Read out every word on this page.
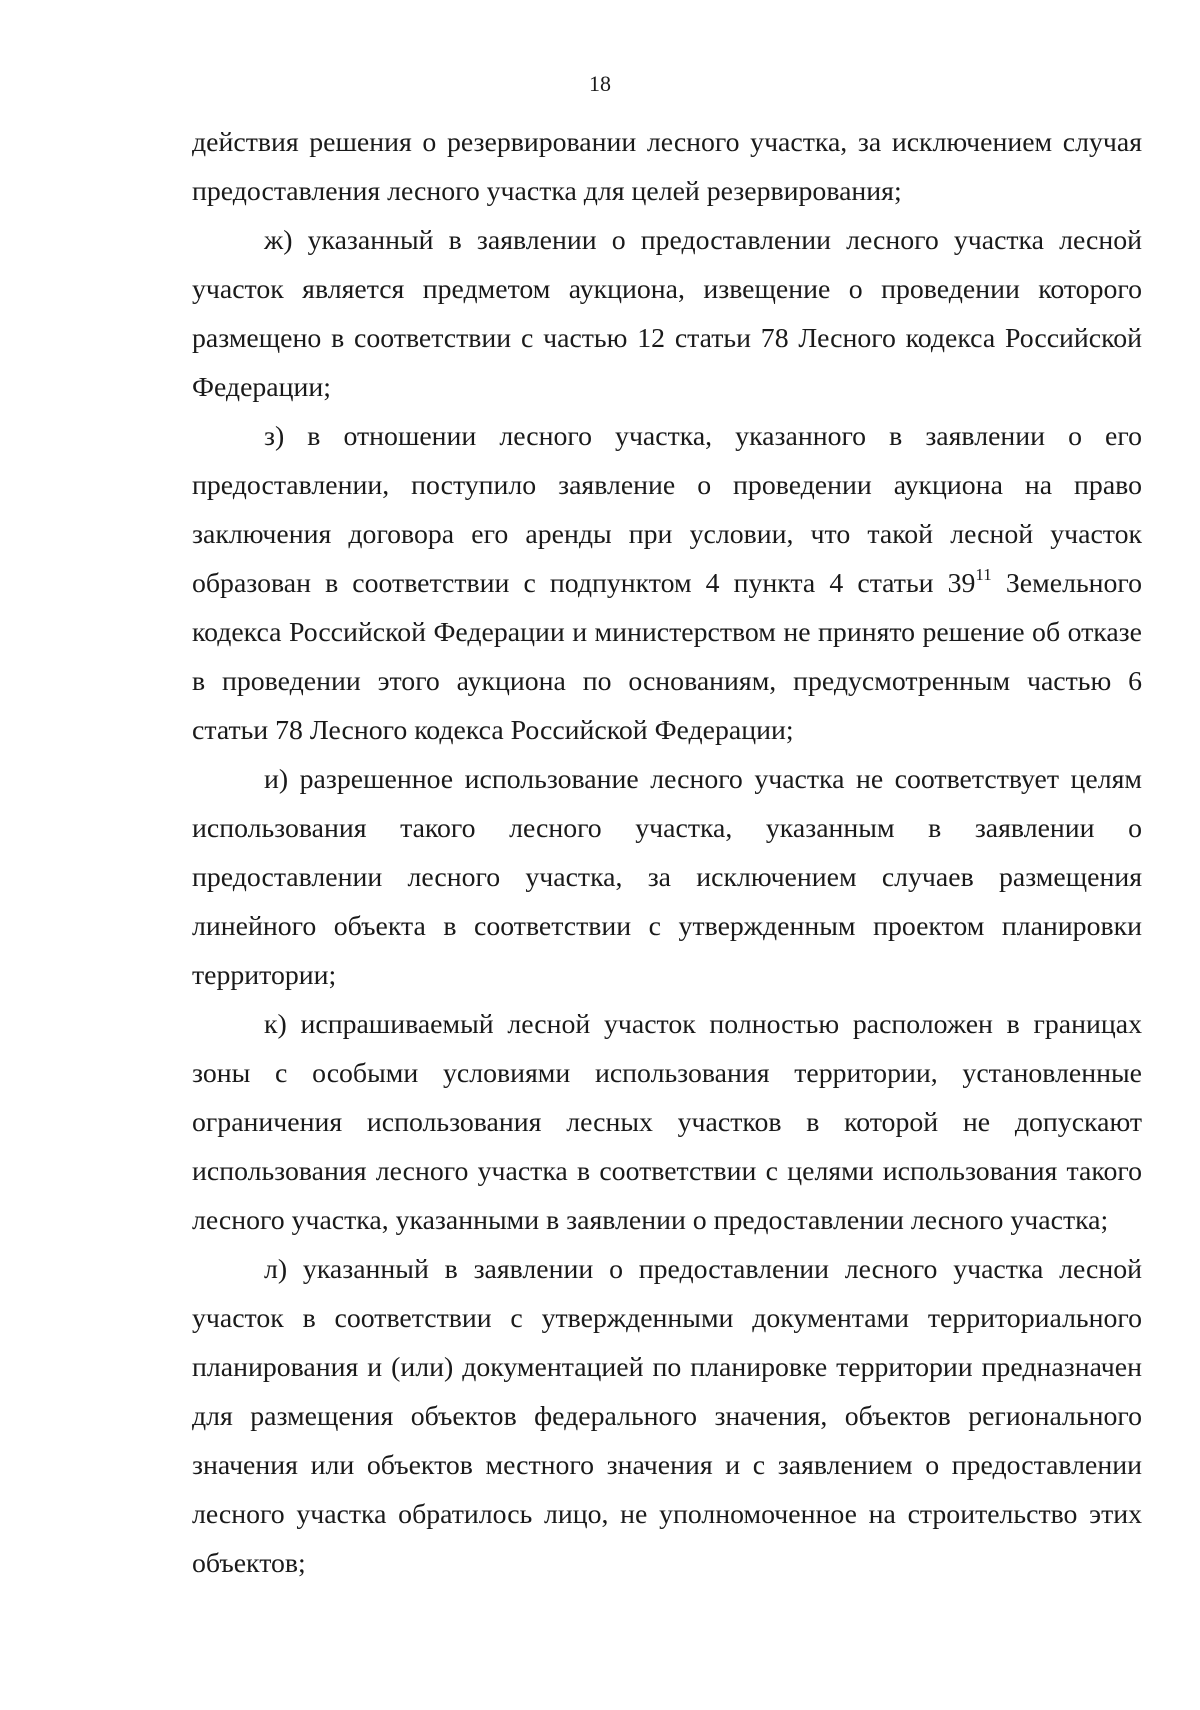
18

действия решения о резервировании лесного участка, за исключением случая предоставления лесного участка для целей резервирования;

ж) указанный в заявлении о предоставлении лесного участка лесной участок является предметом аукциона, извещение о проведении которого размещено в соответствии с частью 12 статьи 78 Лесного кодекса Российской Федерации;

з) в отношении лесного участка, указанного в заявлении о его предоставлении, поступило заявление о проведении аукциона на право заключения договора его аренды при условии, что такой лесной участок образован в соответствии с подпунктом 4 пункта 4 статьи $39^{11}$ Земельного кодекса Российской Федерации и министерством не принято решение об отказе в проведении этого аукциона по основаниям, предусмотренным частью 6 статьи 78 Лесного кодекса Российской Федерации;

и) разрешенное использование лесного участка не соответствует целям использования такого лесного участка, указанным в заявлении о предоставлении лесного участка, за исключением случаев размещения линейного объекта в соответствии с утвержденным проектом планировки территории;

к) испрашиваемый лесной участок полностью расположен в границах зоны с особыми условиями использования территории, установленные ограничения использования лесных участков в которой не допускают использования лесного участка в соответствии с целями использования такого лесного участка, указанными в заявлении о предоставлении лесного участка;

л) указанный в заявлении о предоставлении лесного участка лесной участок в соответствии с утвержденными документами территориального планирования и (или) документацией по планировке территории предназначен для размещения объектов федерального значения, объектов регионального значения или объектов местного значения и с заявлением о предоставлении лесного участка обратилось лицо, не уполномоченное на строительство этих объектов;
